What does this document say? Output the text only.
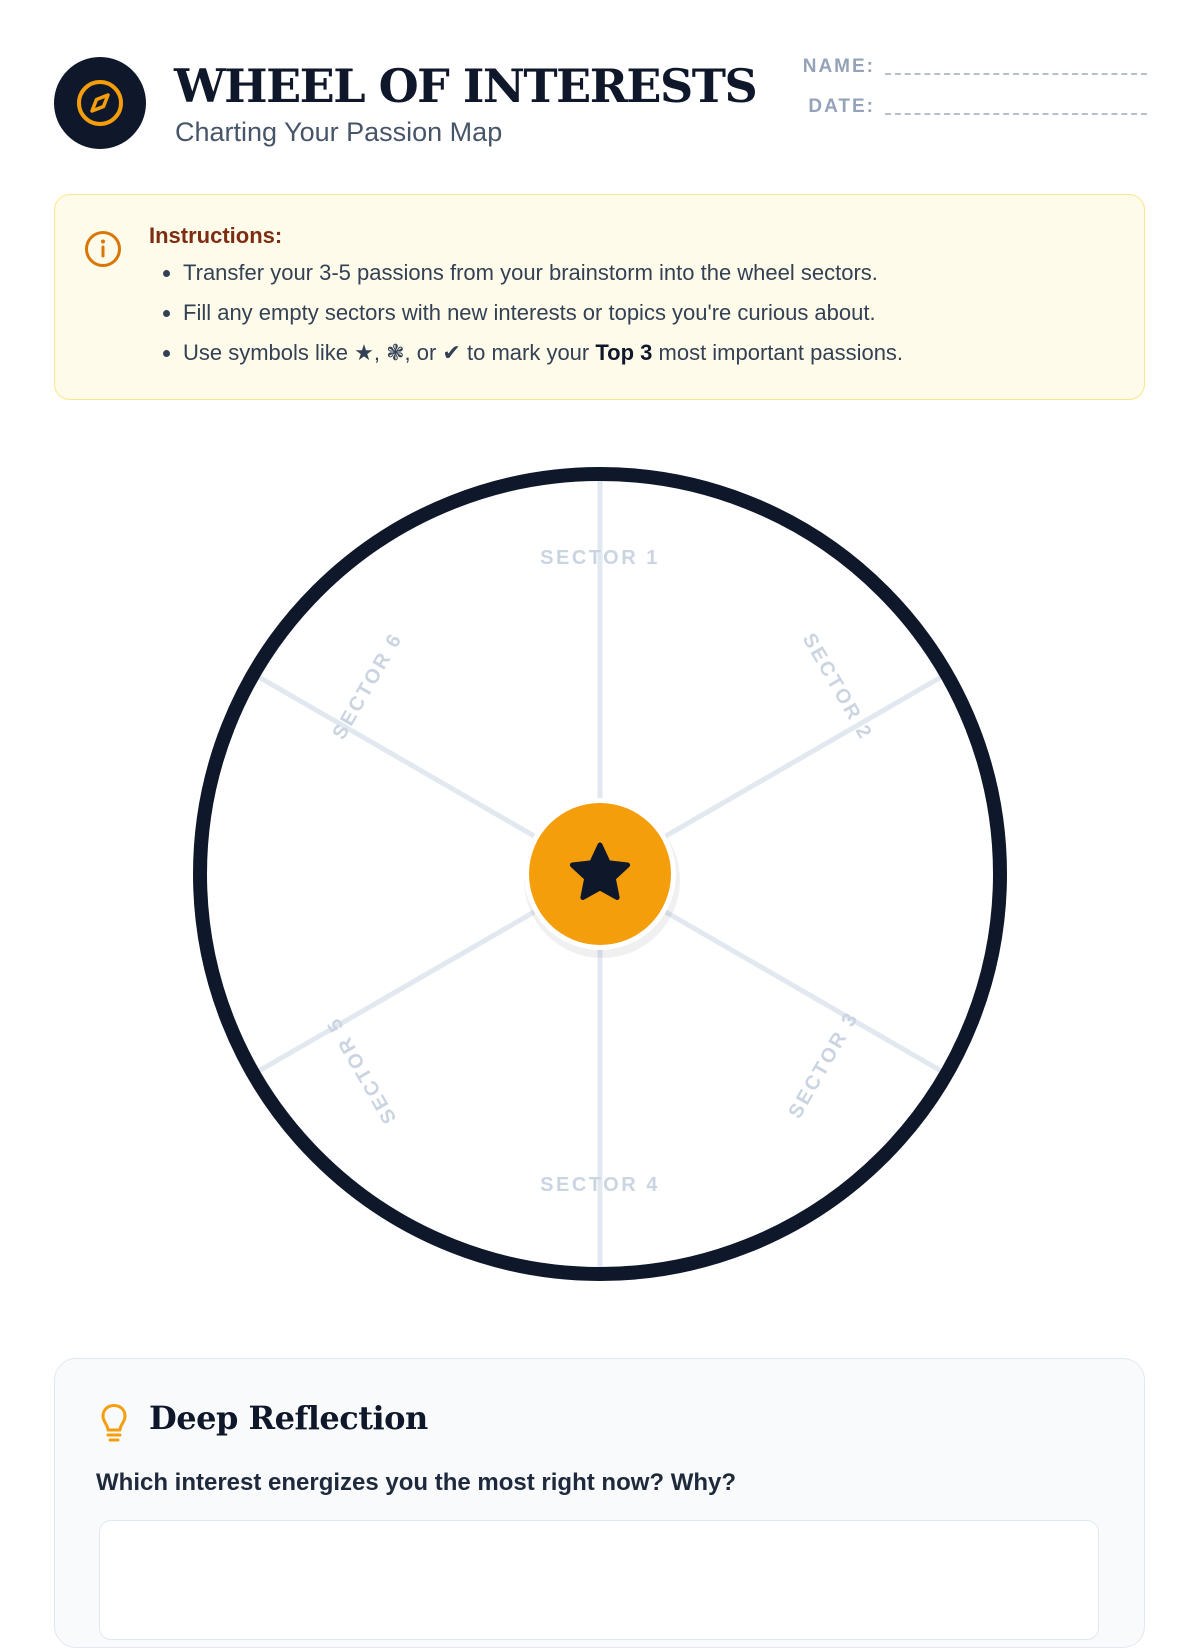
WHEEL OF INTERESTS
Charting Your Passion Map
NAME:
DATE:
Instructions:
• Transfer your 3-5 passions from your brainstorm into the wheel sectors.
• Fill any empty sectors with new interests or topics you're curious about.
• Use symbols like ★, ❃, or ✔ to mark your Top 3 most important passions.
SECTOR 1
SECTOR 2
SECTOR 3
SECTOR 4
SECTOR 5
SECTOR 6
Deep Reflection
Which interest energizes you the most right now? Why?
